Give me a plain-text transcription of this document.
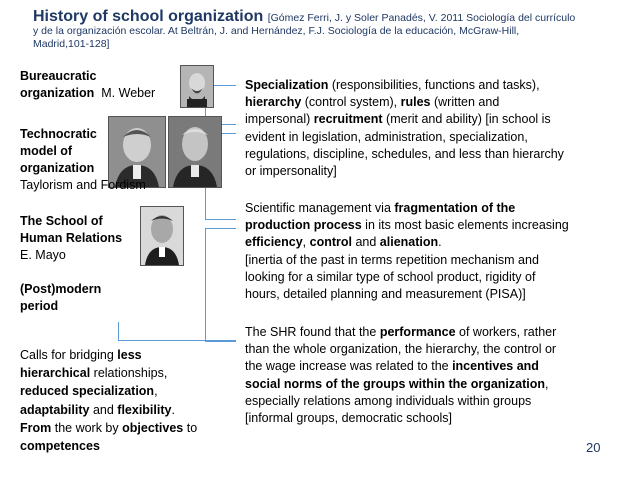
History of school organization [Gómez Ferri, J. y Soler Panadés, V. 2011 Sociología del currículo
y de la organización escolar. At Beltrán, J. and Hernández, F.J. Sociología de la educación, McGraw-Hill,
Madrid,101-128]
Bureaucratic
organization M. Weber
Technocratic
model of
organization
Taylorism and Fordism
The School of
Human Relations
E. Mayo
(Post)modern
period
Calls for bridging less
hierarchical relationships,
reduced specialization,
adaptability and flexibility.
From the work by objectives to
competences
Specialization (responsibilities, functions and tasks),
hierarchy (control system), rules (written and
impersonal) recruitment (merit and ability) [in school is
evident in legislation, administration, specialization,
regulations, discipline, schedules, and less than hierarchy
or impersonality]
Scientific management via fragmentation of the
production process in its most basic elements increasing
efficiency, control and alienation.
[inertia of the past in terms repetition mechanism and
looking for a similar type of school product, rigidity of
hours, detailed planning and measurement (PISA)]
The SHR found that the performance of workers, rather
than the whole organization, the hierarchy, the control or
the wage increase was related to the incentives and
social norms of the groups within the organization,
especially relations among individuals within groups
[informal groups, democratic schools]
20
